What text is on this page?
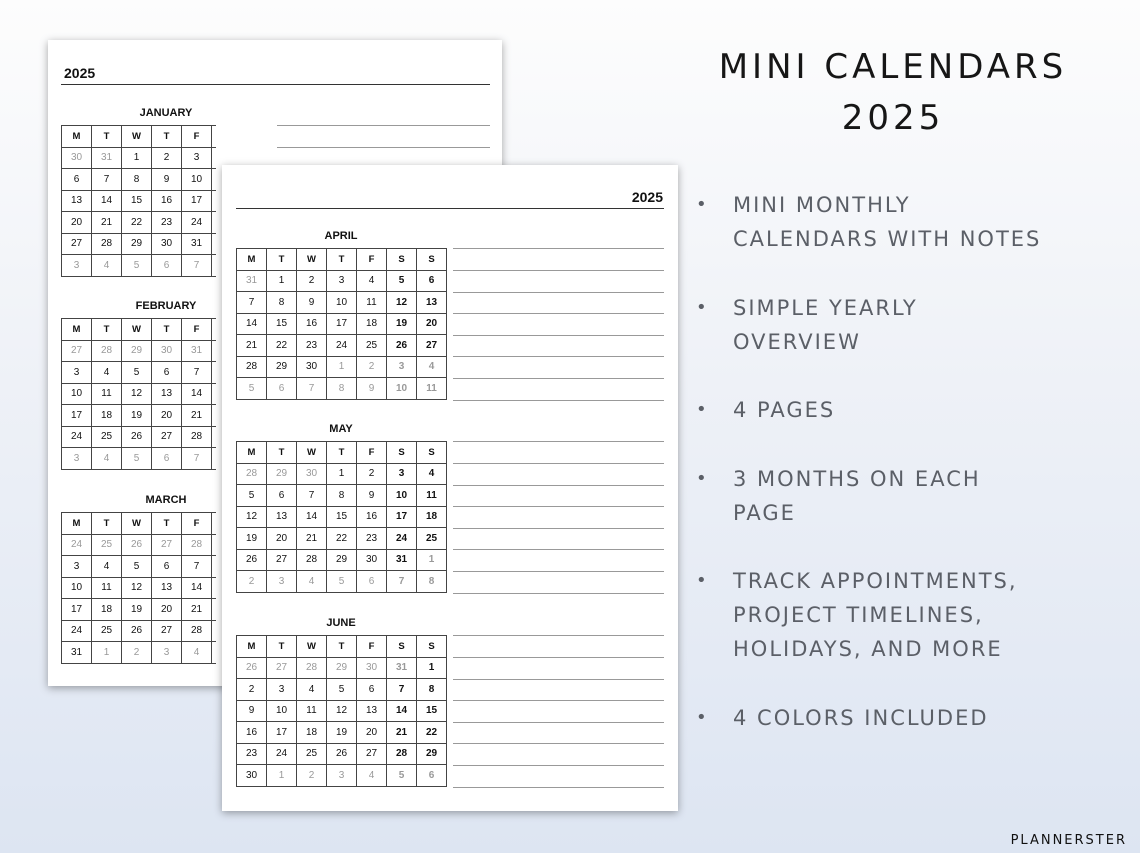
2025
JANUARY
M	T	W	T	F		
30	31	1	2	3		
6	7	8	9	10		
13	14	15	16	17		
20	21	22	23	24		
27	28	29	30	31		
3	4	5	6	7		
FEBRUARY
M	T	W	T	F		
27	28	29	30	31		
3	4	5	6	7		
10	11	12	13	14		
17	18	19	20	21		
24	25	26	27	28		
3	4	5	6	7		
MARCH
M	T	W	T	F		
24	25	26	27	28		
3	4	5	6	7		
10	11	12	13	14		
17	18	19	20	21		
24	25	26	27	28		
31	1	2	3	4		
2025
APRIL
M	T	W	T	F	S	S
31	1	2	3	4	5	6
7	8	9	10	11	12	13
14	15	16	17	18	19	20
21	22	23	24	25	26	27
28	29	30	1	2	3	4
5	6	7	8	9	10	11
MAY
M	T	W	T	F	S	S
28	29	30	1	2	3	4
5	6	7	8	9	10	11
12	13	14	15	16	17	18
19	20	21	22	23	24	25
26	27	28	29	30	31	1
2	3	4	5	6	7	8
JUNE
M	T	W	T	F	S	S
26	27	28	29	30	31	1
2	3	4	5	6	7	8
9	10	11	12	13	14	15
16	17	18	19	20	21	22
23	24	25	26	27	28	29
30	1	2	3	4	5	6
MINI CALENDARS
2025
• MINI MONTHLY
CALENDARS WITH NOTES
• SIMPLE YEARLY
OVERVIEW
• 4 PAGES
• 3 MONTHS ON EACH
PAGE
• TRACK APPOINTMENTS,
PROJECT TIMELINES,
HOLIDAYS, AND MORE
• 4 COLORS INCLUDED
PLANNERSTER
